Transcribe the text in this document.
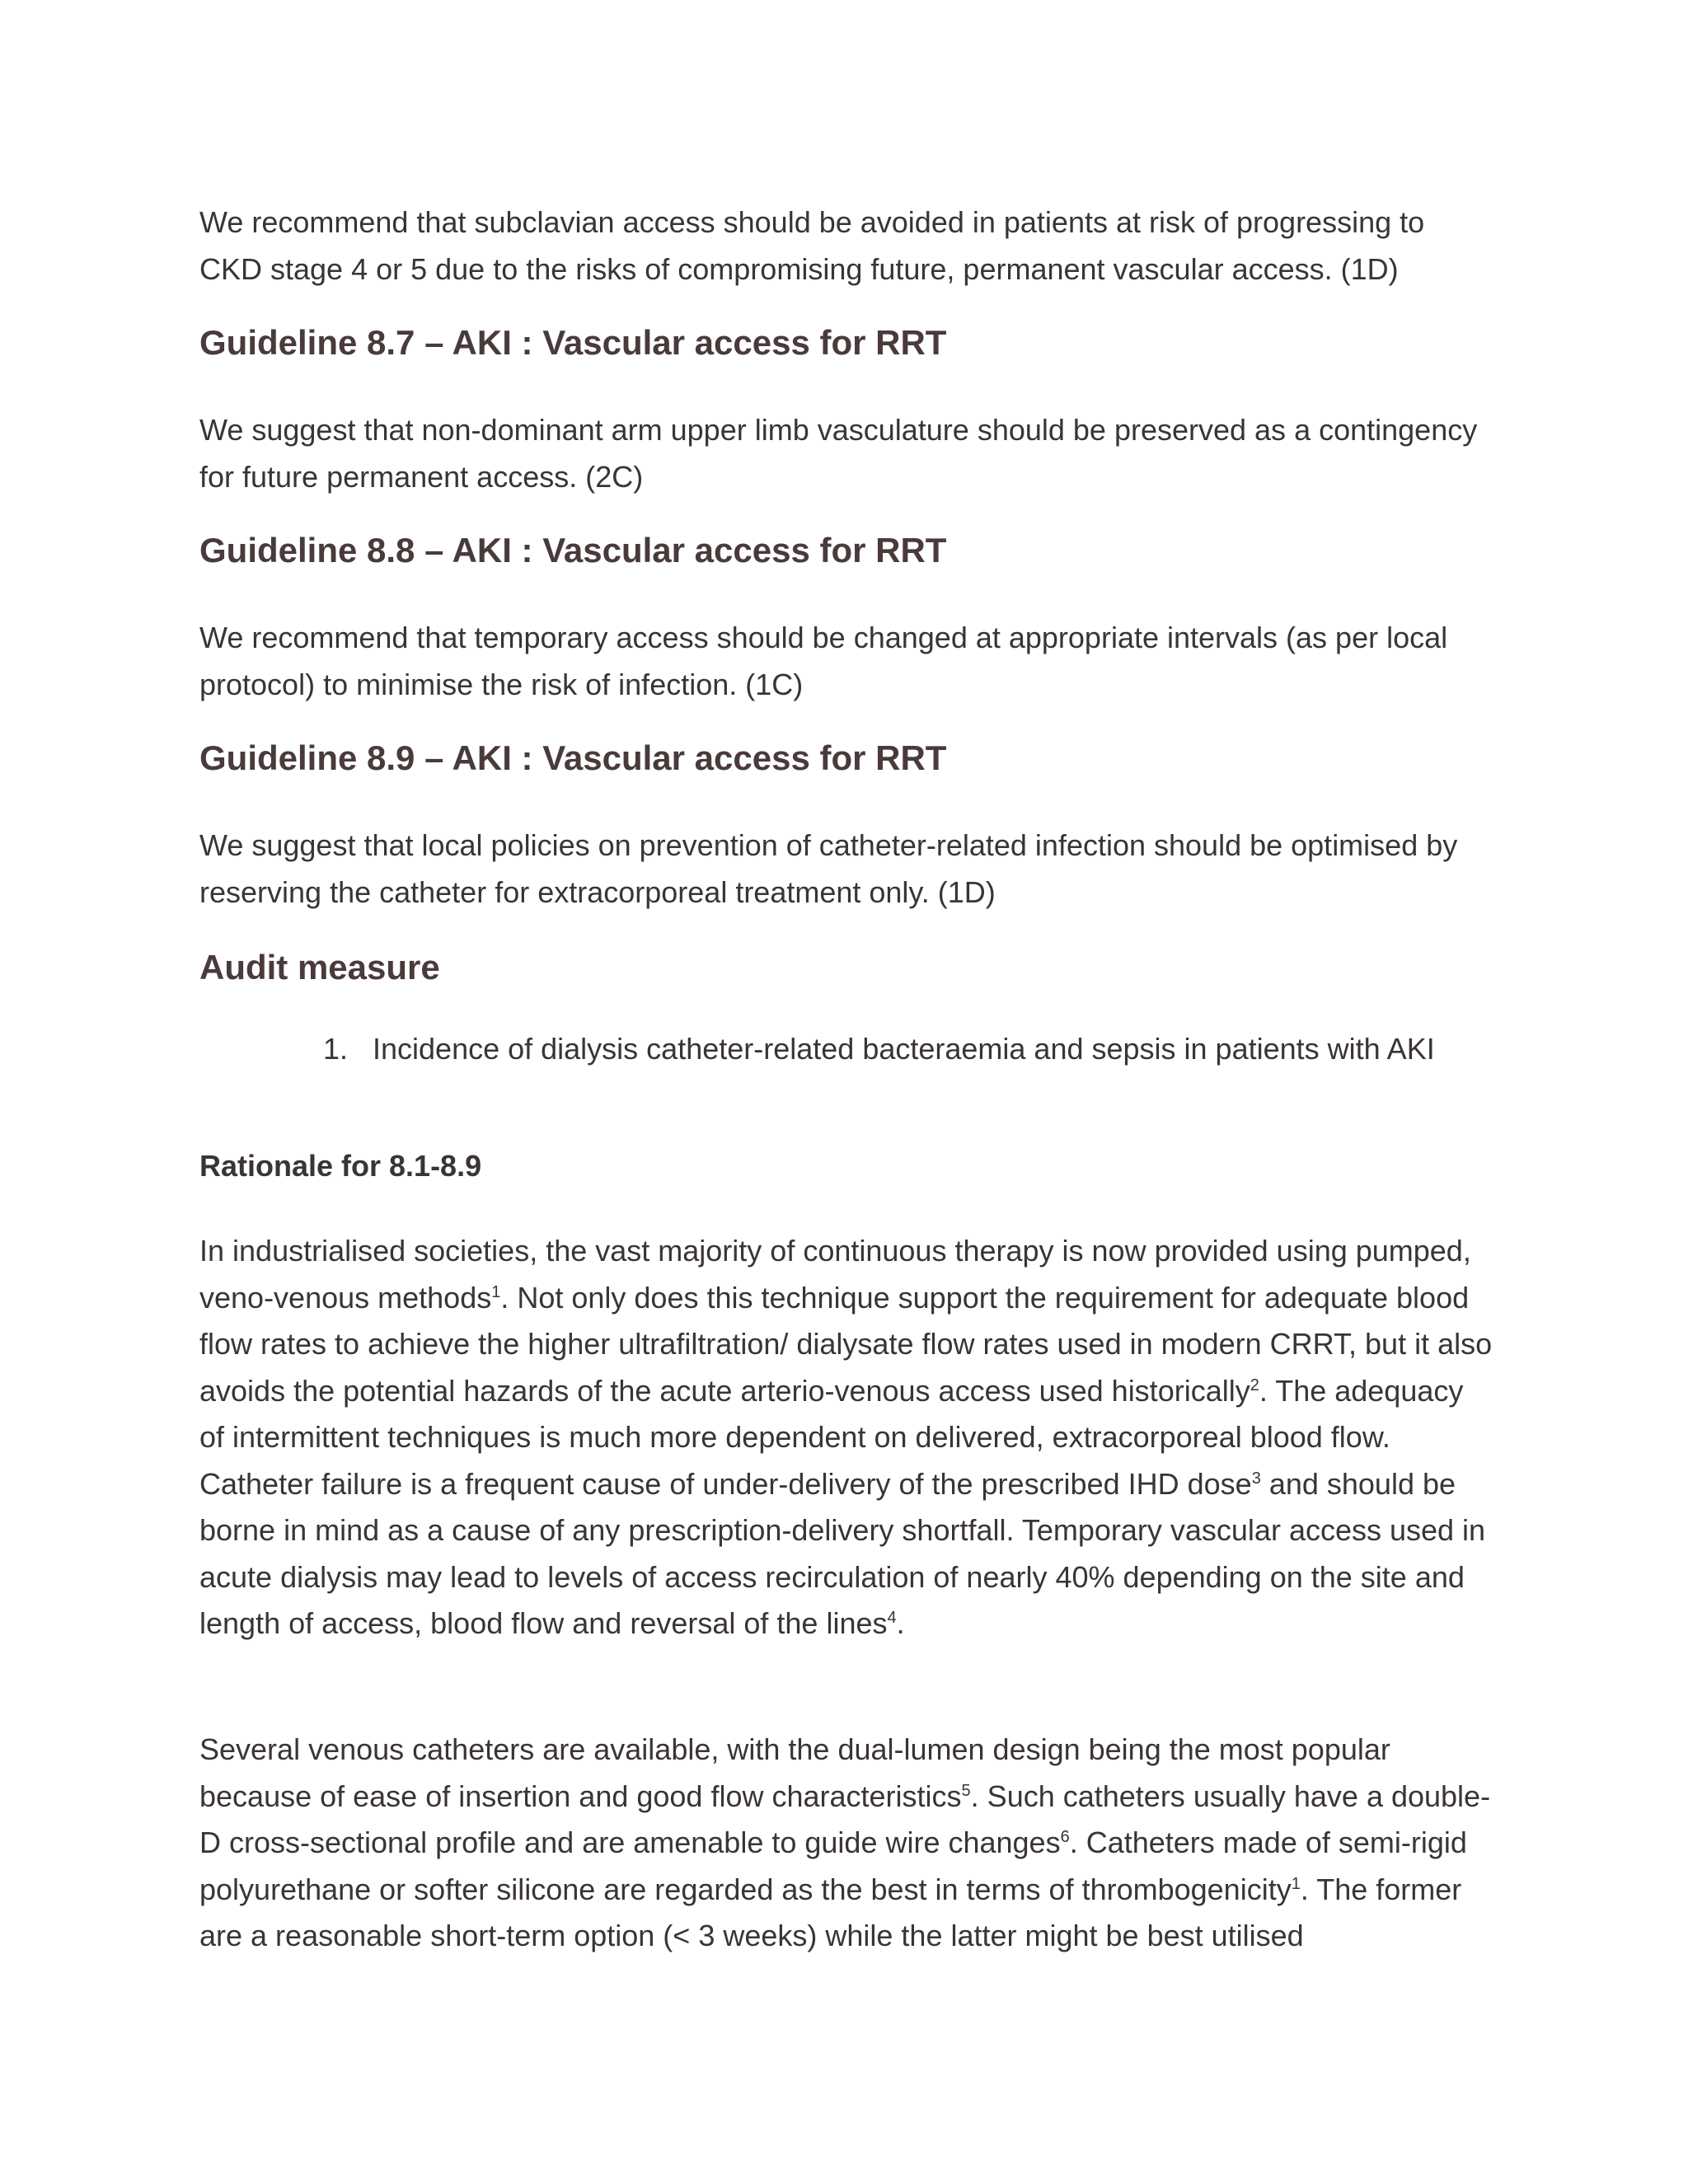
We recommend that subclavian access should be avoided in patients at risk of progressing to CKD stage 4 or 5 due to the risks of compromising future, permanent vascular access. (1D)

Guideline 8.7 – AKI : Vascular access for RRT

We suggest that non-dominant arm upper limb vasculature should be preserved as a contingency for future permanent access. (2C)

Guideline 8.8 – AKI : Vascular access for RRT

We recommend that temporary access should be changed at appropriate intervals (as per local protocol) to minimise the risk of infection. (1C)

Guideline 8.9 – AKI : Vascular access for RRT

We suggest that local policies on prevention of catheter-related infection should be optimised by reserving the catheter for extracorporeal treatment only. (1D)

Audit measure
1. Incidence of dialysis catheter-related bacteraemia and sepsis in patients with AKI
Rationale for 8.1-8.9

In industrialised societies, the vast majority of continuous therapy is now provided using pumped, veno-venous methods$^1$. Not only does this technique support the requirement for adequate blood flow rates to achieve the higher ultrafiltration/ dialysate flow rates used in modern CRRT, but it also avoids the potential hazards of the acute arterio-venous access used historically$^2$. The adequacy of intermittent techniques is much more dependent on delivered, extracorporeal blood flow. Catheter failure is a frequent cause of under-delivery of the prescribed IHD dose$^3$ and should be borne in mind as a cause of any prescription-delivery shortfall. Temporary vascular access used in acute dialysis may lead to levels of access recirculation of nearly 40% depending on the site and length of access, blood flow and reversal of the lines$^4$.

Several venous catheters are available, with the dual-lumen design being the most popular because of ease of insertion and good flow characteristics$^5$. Such catheters usually have a double-D cross-sectional profile and are amenable to guide wire changes$^6$. Catheters made of semi-rigid polyurethane or softer silicone are regarded as the best in terms of thrombogenicity$^1$. The former are a reasonable short-term option (< 3 weeks) while the latter might be best utilised
